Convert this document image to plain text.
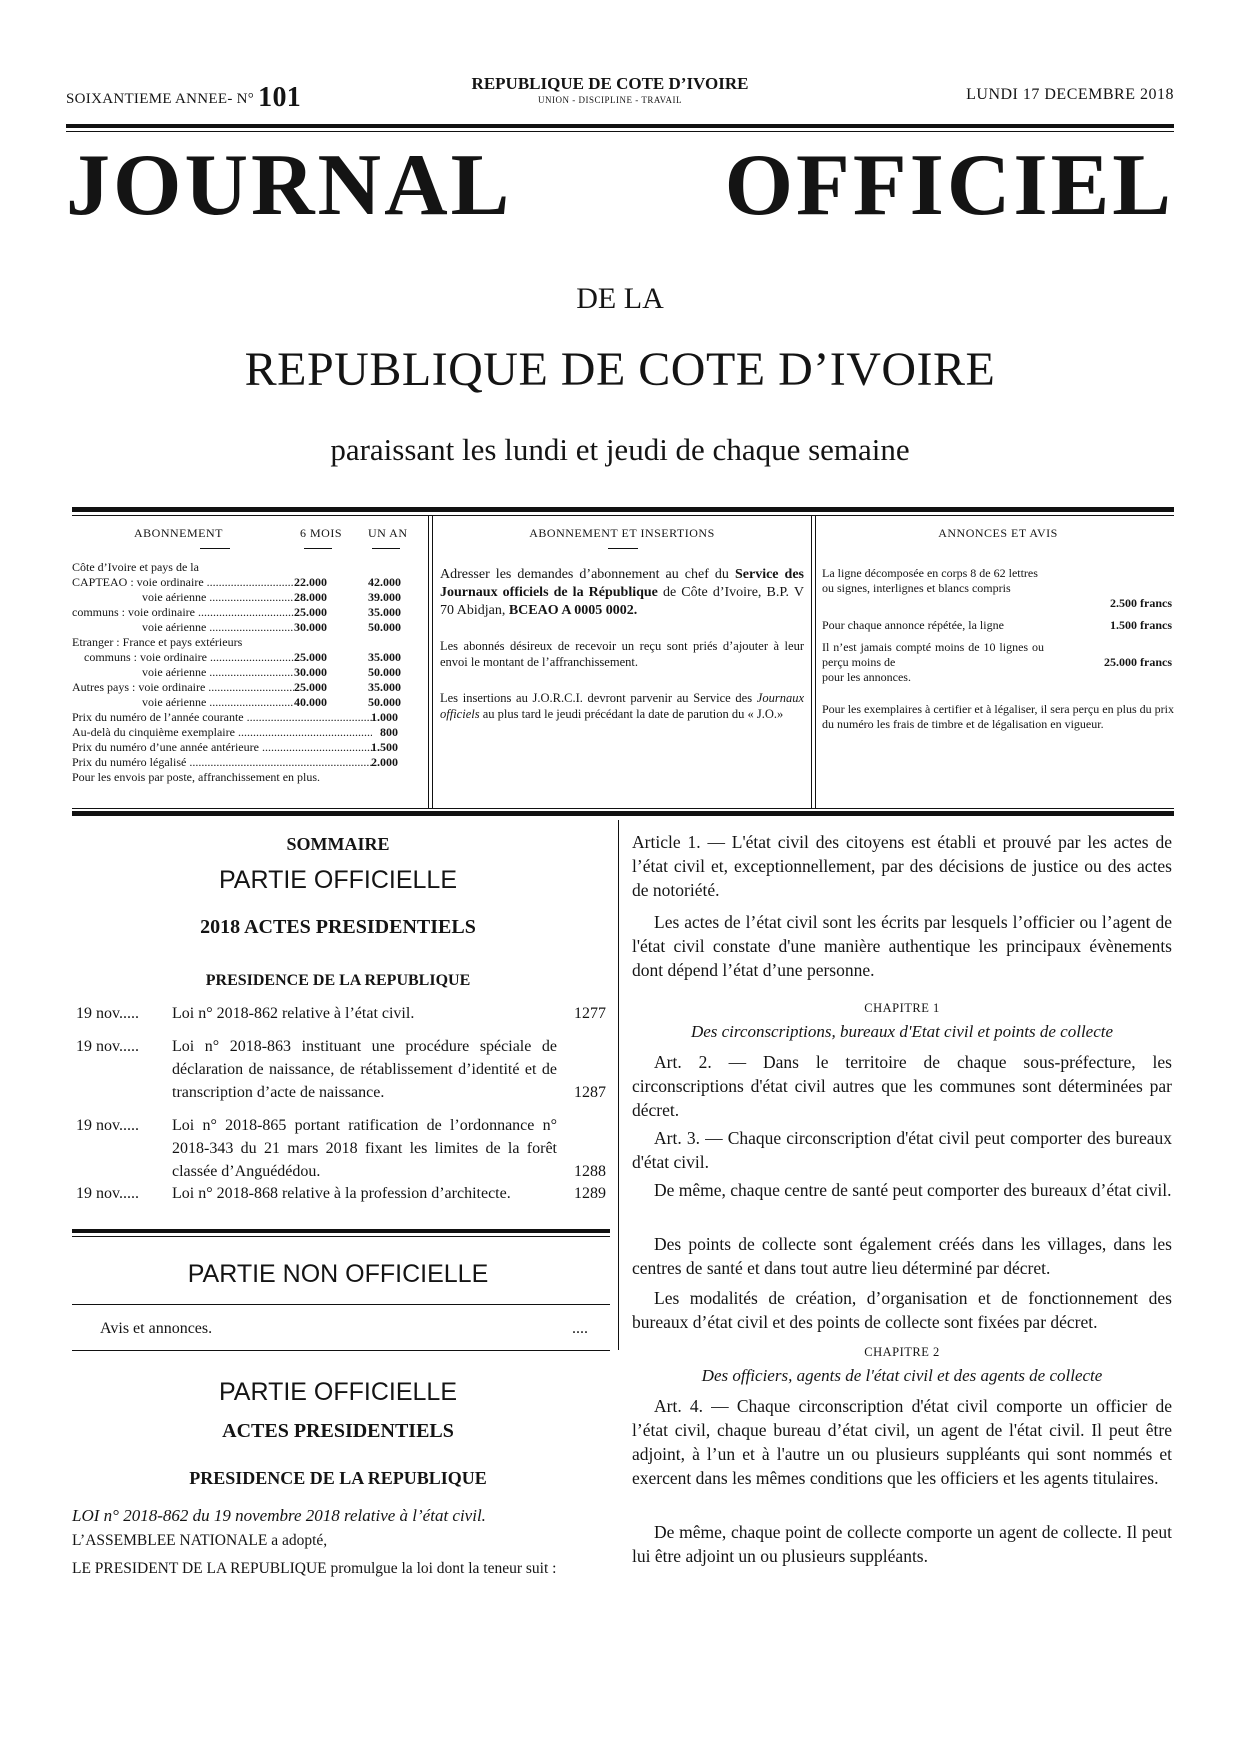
SOIXANTIEME ANNEE- N° 101	REPUBLIQUE DE COTE D’IVOIRE
UNION - DISCIPLINE - TRAVAIL	LUNDI 17 DECEMBRE 2018
JOURNAL OFFICIEL
DE LA
REPUBLIQUE DE COTE D’IVOIRE
paraissant les lundi et jeudi de chaque semaine
ABONNEMENT	6 MOIS UN AN
Côte d’Ivoire et pays de la
CAPTEAO : voie ordinaire .....	22.000	42.000
voie aérienne .....	28.000	39.000
communs : voie ordinaire .....	25.000	35.000
voie aérienne .....	30.000	50.000
Etranger : France et pays extérieurs
communs : voie ordinaire .....	25.000	35.000
voie aérienne .....	30.000	50.000
Autres pays : voie ordinaire .....	25.000	35.000
voie aérienne .....	40.000	50.000
Prix du numéro de l’année courante .....	1.000
Au-delà du cinquième exemplaire .....	800
Prix du numéro d’une année antérieure .....	1.500
Prix du numéro légalisé .....	2.000
Pour les envois par poste, affranchissement en plus.
ABONNEMENT ET INSERTIONS
Adresser les demandes d’abonnement au chef du Service des Journaux officiels de la République de Côte d’Ivoire, B.P. V 70 Abidjan, BCEAO A 0005 0002.
Les abonnés désireux de recevoir un reçu sont priés d’ajouter à leur envoi le montant de l’affranchissement.
Les insertions au J.O.R.C.I. devront parvenir au Service des Journaux officiels au plus tard le jeudi précédant la date de parution du « J.O.»
ANNONCES ET AVIS
La ligne décomposée en corps 8 de 62 lettres ou signes, interlignes et blancs compris
2.500 francs
Pour chaque annonce répétée, la ligne	1.500 francs
Il n’est jamais compté moins de 10 lignes ou perçu moins de
pour les annonces.
25.000 francs
Pour les exemplaires à certifier et à légaliser, il sera perçu en plus du prix du numéro les frais de timbre et de légalisation en vigueur.
SOMMAIRE
PARTIE OFFICIELLE
2018 ACTES PRESIDENTIELS
PRESIDENCE DE LA REPUBLIQUE
19 nov..... Loi n° 2018-862 relative à l’état civil.	1277
19 nov..... Loi n° 2018-863 instituant une procédure spéciale de déclaration de naissance, de rétablissement d’identité et de transcription d’acte de naissance.	1287
19 nov..... Loi n° 2018-865 portant ratification de l’ordonnance n° 2018-343 du 21 mars 2018 fixant les limites de la forêt classée d’Anguédédou.	1288
19 nov..... Loi n° 2018-868 relative à la profession d’architecte.	1289
PARTIE NON OFFICIELLE
Avis et annonces.	....
PARTIE OFFICIELLE
ACTES PRESIDENTIELS
PRESIDENCE DE LA REPUBLIQUE
LOI n° 2018-862 du 19 novembre 2018 relative à l’état civil.
L’ASSEMBLEE NATIONALE a adopté,
LE PRESIDENT DE LA REPUBLIQUE promulgue la loi dont la teneur suit :
Article 1. — L'état civil des citoyens est établi et prouvé par les actes de l’état civil et, exceptionnellement, par des décisions de justice ou des actes de notoriété.
Les actes de l’état civil sont les écrits par lesquels l’officier ou l’agent de l'état civil constate d'une manière authentique les principaux évènements dont dépend l’état d’une personne.
CHAPITRE 1
Des circonscriptions, bureaux d'Etat civil et points de collecte
Art. 2. — Dans le territoire de chaque sous-préfecture, les circonscriptions d'état civil autres que les communes sont déterminées par décret.
Art. 3. — Chaque circonscription d'état civil peut comporter des bureaux d'état civil.
De même, chaque centre de santé peut comporter des bureaux d’état civil.
Des points de collecte sont également créés dans les villages, dans les centres de santé et dans tout autre lieu déterminé par décret.
Les modalités de création, d’organisation et de fonctionnement des bureaux d’état civil et des points de collecte sont fixées par décret.
CHAPITRE 2
Des officiers, agents de l'état civil et des agents de collecte
Art. 4. — Chaque circonscription d'état civil comporte un officier de l’état civil, chaque bureau d’état civil, un agent de l'état civil. Il peut être adjoint, à l’un et à l'autre un ou plusieurs suppléants qui sont nommés et exercent dans les mêmes conditions que les officiers et les agents titulaires.
De même, chaque point de collecte comporte un agent de collecte. Il peut lui être adjoint un ou plusieurs suppléants.
